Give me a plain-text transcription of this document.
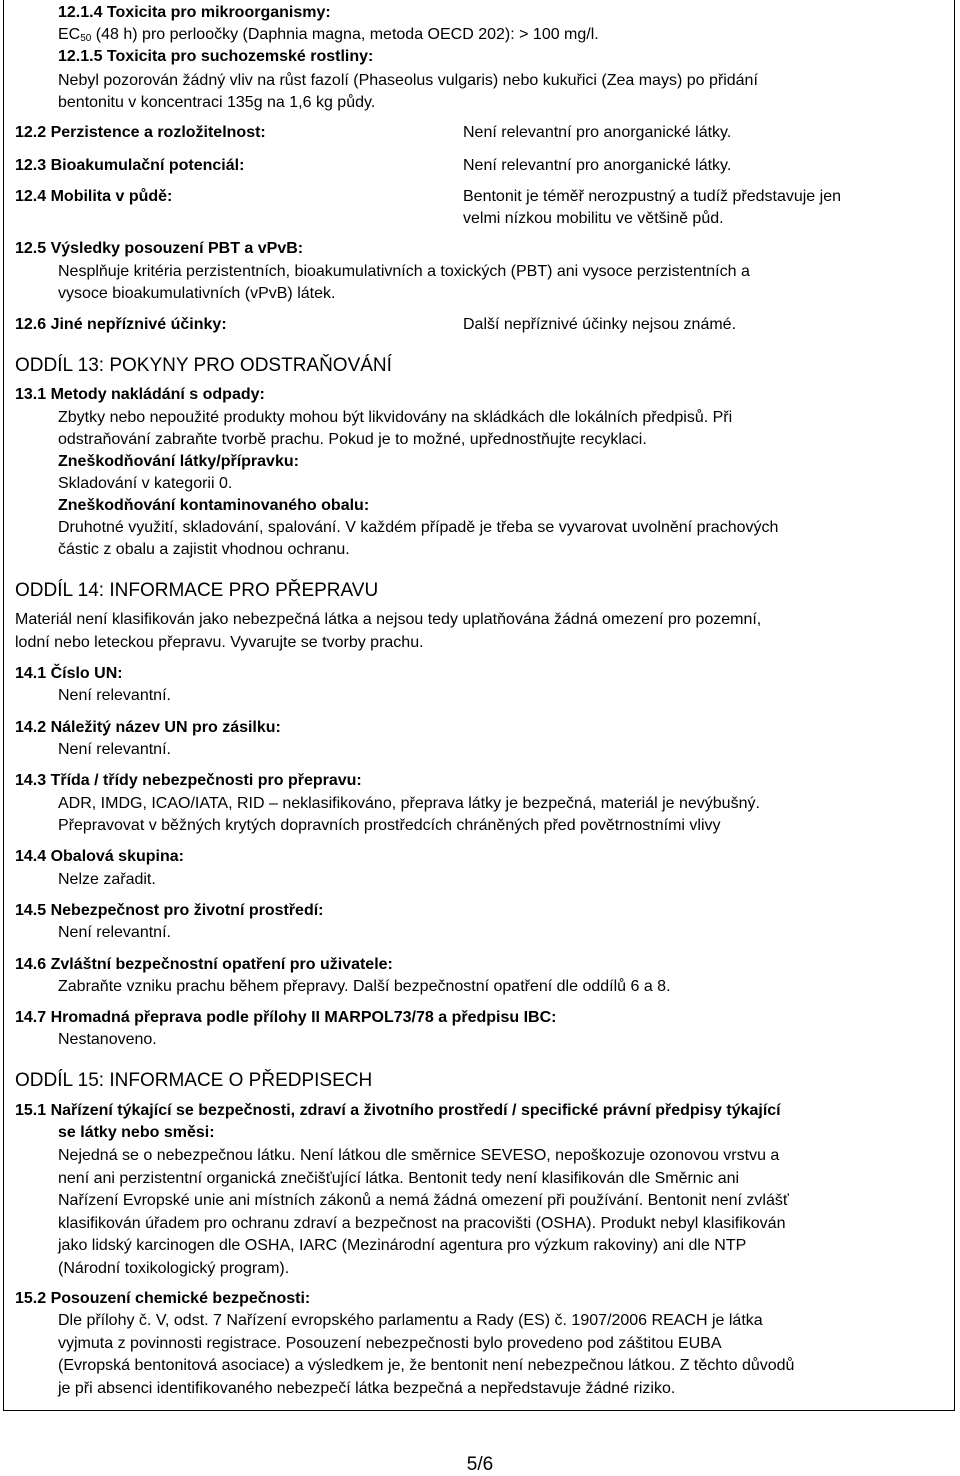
12.1.4 Toxicita pro mikroorganismy:
$EC_{50}$ (48 h) pro perloočky (Daphnia magna, metoda OECD 202): > 100 mg/l.
12.1.5 Toxicita pro suchozemské rostliny:
Nebyl pozorován žádný vliv na růst fazolí (Phaseolus vulgaris) nebo kukuřici (Zea mays) po přidání
bentonitu v koncentraci 135g na 1,6 kg půdy.
12.2 Perzistence a rozložitelnost:	Není relevantní pro anorganické látky.
12.3 Bioakumulační potenciál:	Není relevantní pro anorganické látky.
12.4 Mobilita v půdě:	Bentonit je téměř nerozpustný a tudíž představuje jen
velmi nízkou mobilitu ve většině půd.
12.5 Výsledky posouzení PBT a vPvB:
Nesplňuje kritéria perzistentních, bioakumulativních a toxických (PBT) ani vysoce perzistentních a
vysoce bioakumulativních (vPvB) látek.
12.6 Jiné nepříznivé účinky:	Další nepříznivé účinky nejsou známé.
ODDÍL 13: POKYNY PRO ODSTRAŇOVÁNÍ
13.1 Metody nakládání s odpady:
Zbytky nebo nepoužité produkty mohou být likvidovány na skládkách dle lokálních předpisů. Při
odstraňování zabraňte tvorbě prachu. Pokud je to možné, upřednostňujte recyklaci.
Zneškodňování látky/přípravku:
Skladování v kategorii 0.
Zneškodňování kontaminovaného obalu:
Druhotné využití, skladování, spalování. V každém případě je třeba se vyvarovat uvolnění prachových
částic z obalu a zajistit vhodnou ochranu.
ODDÍL 14: INFORMACE PRO PŘEPRAVU
Materiál není klasifikován jako nebezpečná látka a nejsou tedy uplatňována žádná omezení pro pozemní,
lodní nebo leteckou přepravu. Vyvarujte se tvorby prachu.
14.1 Číslo UN:
Není relevantní.
14.2 Náležitý název UN pro zásilku:
Není relevantní.
14.3 Třída / třídy nebezpečnosti pro přepravu:
ADR, IMDG, ICAO/IATA, RID – neklasifikováno, přeprava látky je bezpečná, materiál je nevýbušný.
Přepravovat v běžných krytých dopravních prostředcích chráněných před povětrnostními vlivy
14.4 Obalová skupina:
Nelze zařadit.
14.5 Nebezpečnost pro životní prostředí:
Není relevantní.
14.6 Zvláštní bezpečnostní opatření pro uživatele:
Zabraňte vzniku prachu během přepravy. Další bezpečnostní opatření dle oddílů 6 a 8.
14.7 Hromadná přeprava podle přílohy II MARPOL73/78 a předpisu IBC:
Nestanoveno.
ODDÍL 15: INFORMACE O PŘEDPISECH
15.1 Nařízení týkající se bezpečnosti, zdraví a životního prostředí / specifické právní předpisy týkající
se látky nebo směsi:
Nejedná se o nebezpečnou látku. Není látkou dle směrnice SEVESO, nepoškozuje ozonovou vrstvu a
není ani perzistentní organická znečišťující látka. Bentonit tedy není klasifikován dle Směrnic ani
Nařízení Evropské unie ani místních zákonů a nemá žádná omezení při používání. Bentonit není zvlášť
klasifikován úřadem pro ochranu zdraví a bezpečnost na pracovišti (OSHA). Produkt nebyl klasifikován
jako lidský karcinogen dle OSHA, IARC (Mezinárodní agentura pro výzkum rakoviny) ani dle NTP
(Národní toxikologický program).
15.2 Posouzení chemické bezpečnosti:
Dle přílohy č. V, odst. 7 Nařízení evropského parlamentu a Rady (ES) č. 1907/2006 REACH je látka
vyjmuta z povinnosti registrace. Posouzení nebezpečnosti bylo provedeno pod záštitou EUBA
(Evropská bentonitová asociace) a výsledkem je, že bentonit není nebezpečnou látkou. Z těchto důvodů
je při absenci identifikovaného nebezpečí látka bezpečná a nepředstavuje žádné riziko.
5/6
